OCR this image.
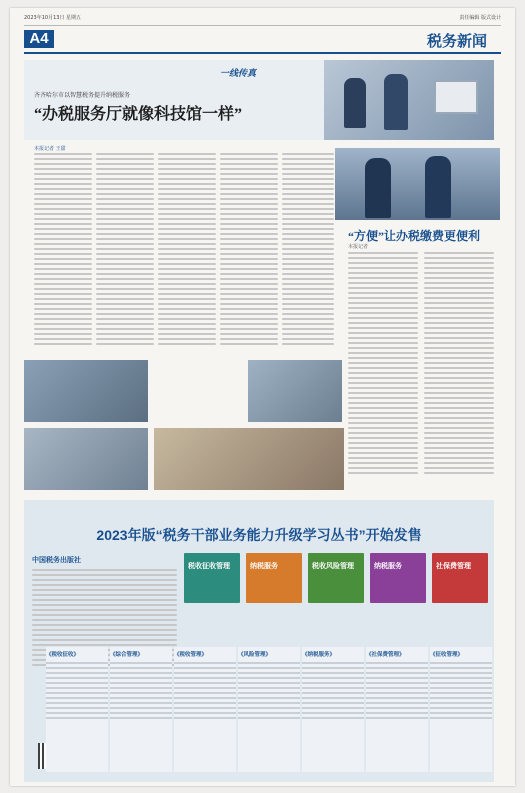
2023年10月13日 星期五	责任编辑 版式设计
A4	税务新闻
一线传真
齐齐哈尔市以智慧税务提升纳税服务
“办税服务厅就像科技馆一样”
本报记者 王甜
“方便”让办税缴费更便利
本报记者
2023年版“税务干部业务能力升级学习丛书”开始发售
中国税务出版社
税收征收管理	纳税服务	税收风险管理	纳税服务	社保费管理
《税收征收》	《综合管理》	《税收管理》	《风险管理》	《纳税服务》	《社保费管理》	《征收管理》
